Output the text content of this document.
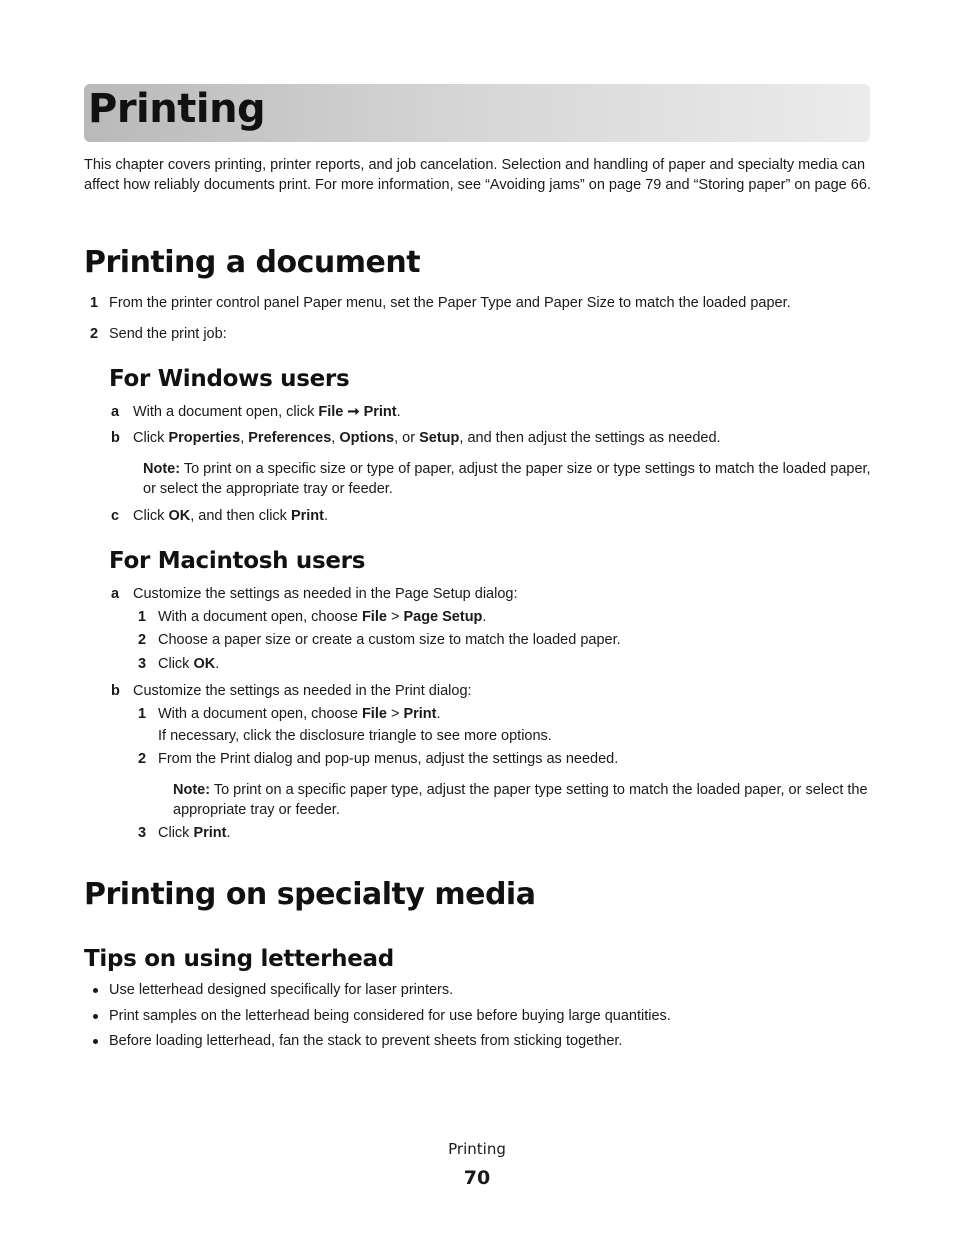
Printing

This chapter covers printing, printer reports, and job cancelation. Selection and handling of paper and specialty media can affect how reliably documents print. For more information, see “Avoiding jams” on page 79 and “Storing paper” on page 66.

Printing a document
1 From the printer control panel Paper menu, set the Paper Type and Paper Size to match the loaded paper.

2 Send the print job:

For Windows users
a With a document open, click File ➞ Print.

b Click Properties, Preferences, Options, or Setup, and then adjust the settings as needed.

Note: To print on a specific size or type of paper, adjust the paper size or type settings to match the loaded paper, or select the appropriate tray or feeder.

c Click OK, and then click Print.

For Macintosh users
a Customize the settings as needed in the Page Setup dialog:

1 With a document open, choose File > Page Setup.

2 Choose a paper size or create a custom size to match the loaded paper.

3 Click OK.

b Customize the settings as needed in the Print dialog:

1 With a document open, choose File > Print.

If necessary, click the disclosure triangle to see more options.

2 From the Print dialog and pop-up menus, adjust the settings as needed.

Note: To print on a specific paper type, adjust the paper type setting to match the loaded paper, or select the appropriate tray or feeder.

3 Click Print.

Printing on specialty media
Tips on using letterhead

Use letterhead designed specifically for laser printers.

Print samples on the letterhead being considered for use before buying large quantities.

Before loading letterhead, fan the stack to prevent sheets from sticking together.

Printing

70
